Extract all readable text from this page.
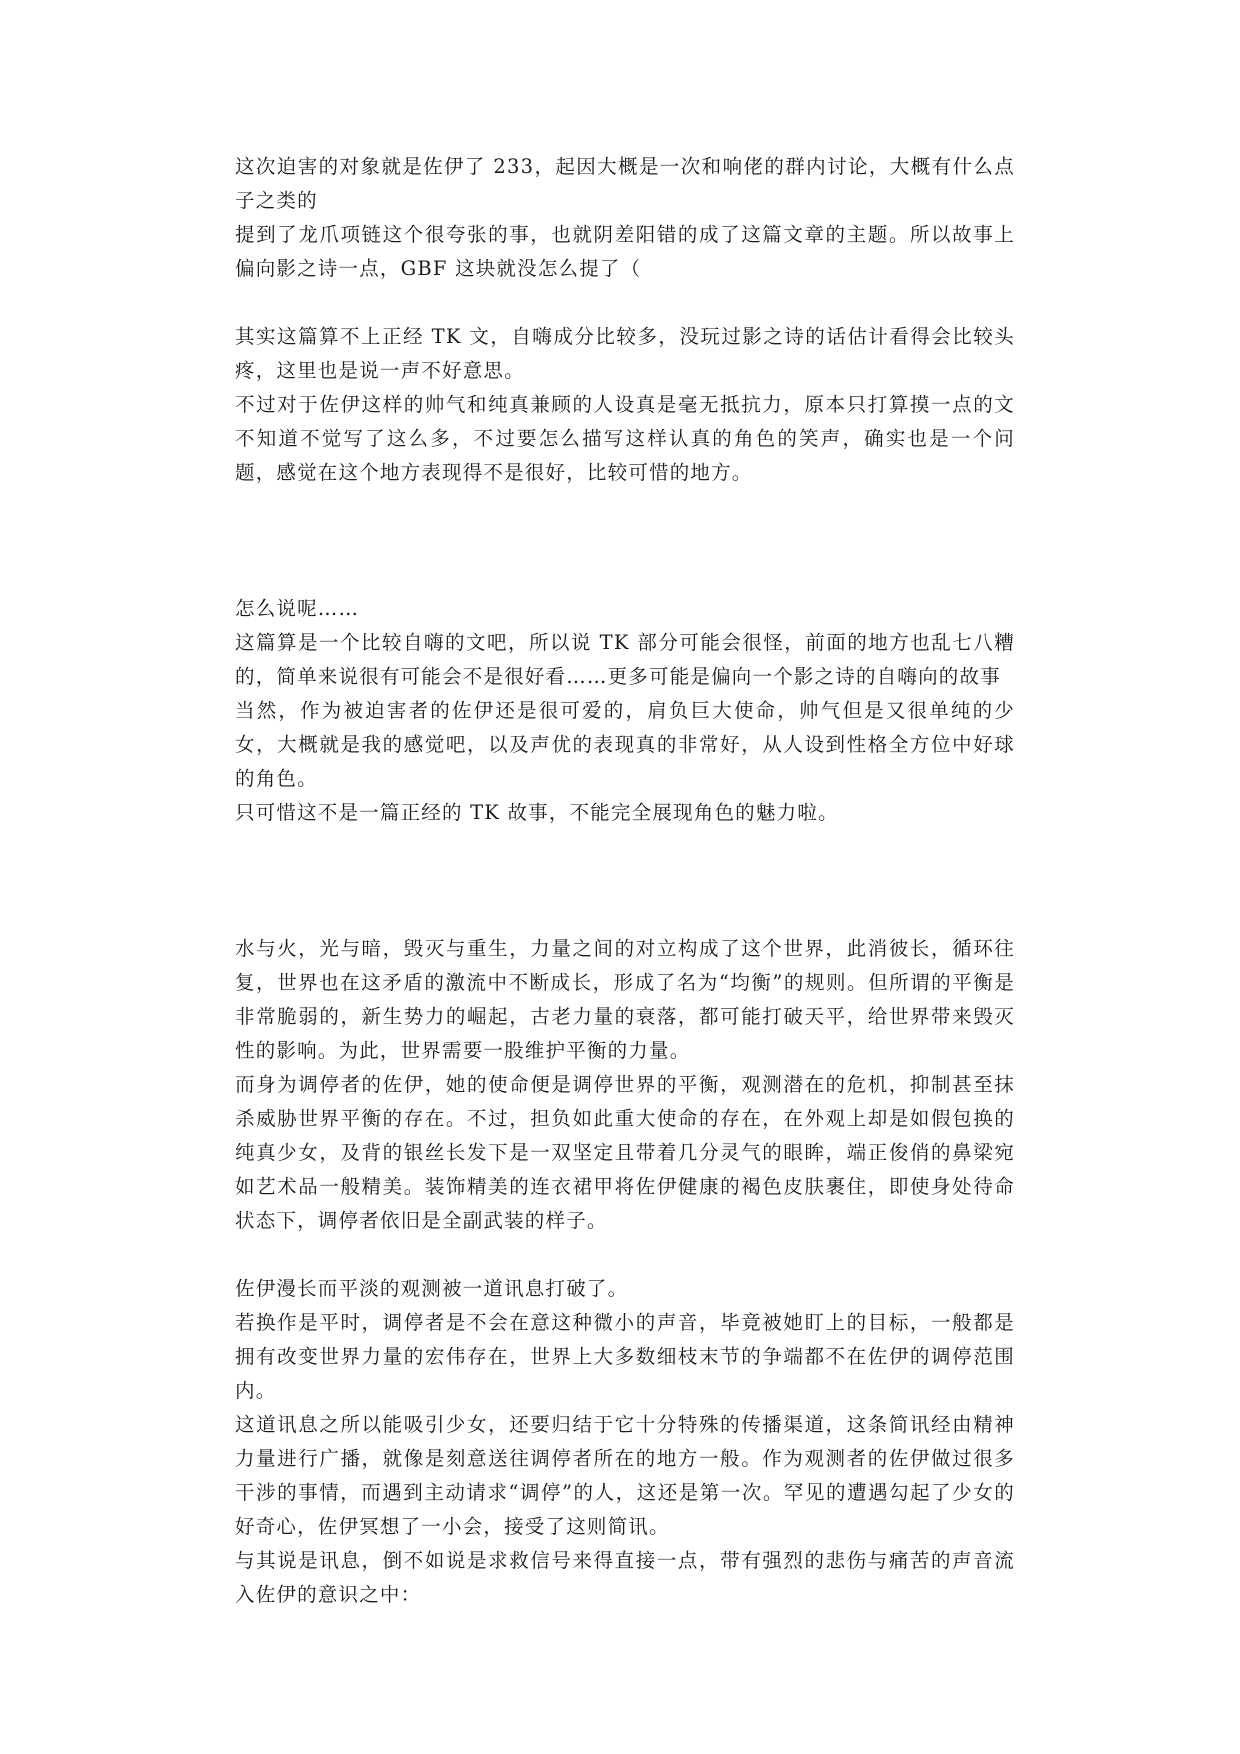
这次迫害的对象就是佐伊了 233，起因大概是一次和响佬的群内讨论，大概有什么点子之类的

提到了龙爪项链这个很夸张的事，也就阴差阳错的成了这篇文章的主题。所以故事上偏向影之诗一点，GBF 这块就没怎么提了（

其实这篇算不上正经 TK 文，自嗨成分比较多，没玩过影之诗的话估计看得会比较头疼，这里也是说一声不好意思。

不过对于佐伊这样的帅气和纯真兼顾的人设真是毫无抵抗力，原本只打算摸一点的文不知道不觉写了这么多，不过要怎么描写这样认真的角色的笑声，确实也是一个问题，感觉在这个地方表现得不是很好，比较可惜的地方。

怎么说呢……

这篇算是一个比较自嗨的文吧，所以说 TK 部分可能会很怪，前面的地方也乱七八糟的，简单来说很有可能会不是很好看……更多可能是偏向一个影之诗的自嗨向的故事

当然，作为被迫害者的佐伊还是很可爱的，肩负巨大使命，帅气但是又很单纯的少女，大概就是我的感觉吧，以及声优的表现真的非常好，从人设到性格全方位中好球的角色。

只可惜这不是一篇正经的 TK 故事，不能完全展现角色的魅力啦。

水与火，光与暗，毁灭与重生，力量之间的对立构成了这个世界，此消彼长，循环往复，世界也在这矛盾的激流中不断成长，形成了名为“均衡”的规则。但所谓的平衡是非常脆弱的，新生势力的崛起，古老力量的衰落，都可能打破天平，给世界带来毁灭性的影响。为此，世界需要一股维护平衡的力量。

而身为调停者的佐伊，她的使命便是调停世界的平衡，观测潜在的危机，抑制甚至抹杀威胁世界平衡的存在。不过，担负如此重大使命的存在，在外观上却是如假包换的纯真少女，及背的银丝长发下是一双坚定且带着几分灵气的眼眸，端正俊俏的鼻梁宛如艺术品一般精美。装饰精美的连衣裙甲将佐伊健康的褐色皮肤裹住，即使身处待命状态下，调停者依旧是全副武装的样子。

佐伊漫长而平淡的观测被一道讯息打破了。

若换作是平时，调停者是不会在意这种微小的声音，毕竟被她盯上的目标，一般都是拥有改变世界力量的宏伟存在，世界上大多数细枝末节的争端都不在佐伊的调停范围内。

这道讯息之所以能吸引少女，还要归结于它十分特殊的传播渠道，这条简讯经由精神力量进行广播，就像是刻意送往调停者所在的地方一般。作为观测者的佐伊做过很多干涉的事情，而遇到主动请求“调停”的人，这还是第一次。罕见的遭遇勾起了少女的好奇心，佐伊冥想了一小会，接受了这则简讯。

与其说是讯息，倒不如说是求救信号来得直接一点，带有强烈的悲伤与痛苦的声音流入佐伊的意识之中：
